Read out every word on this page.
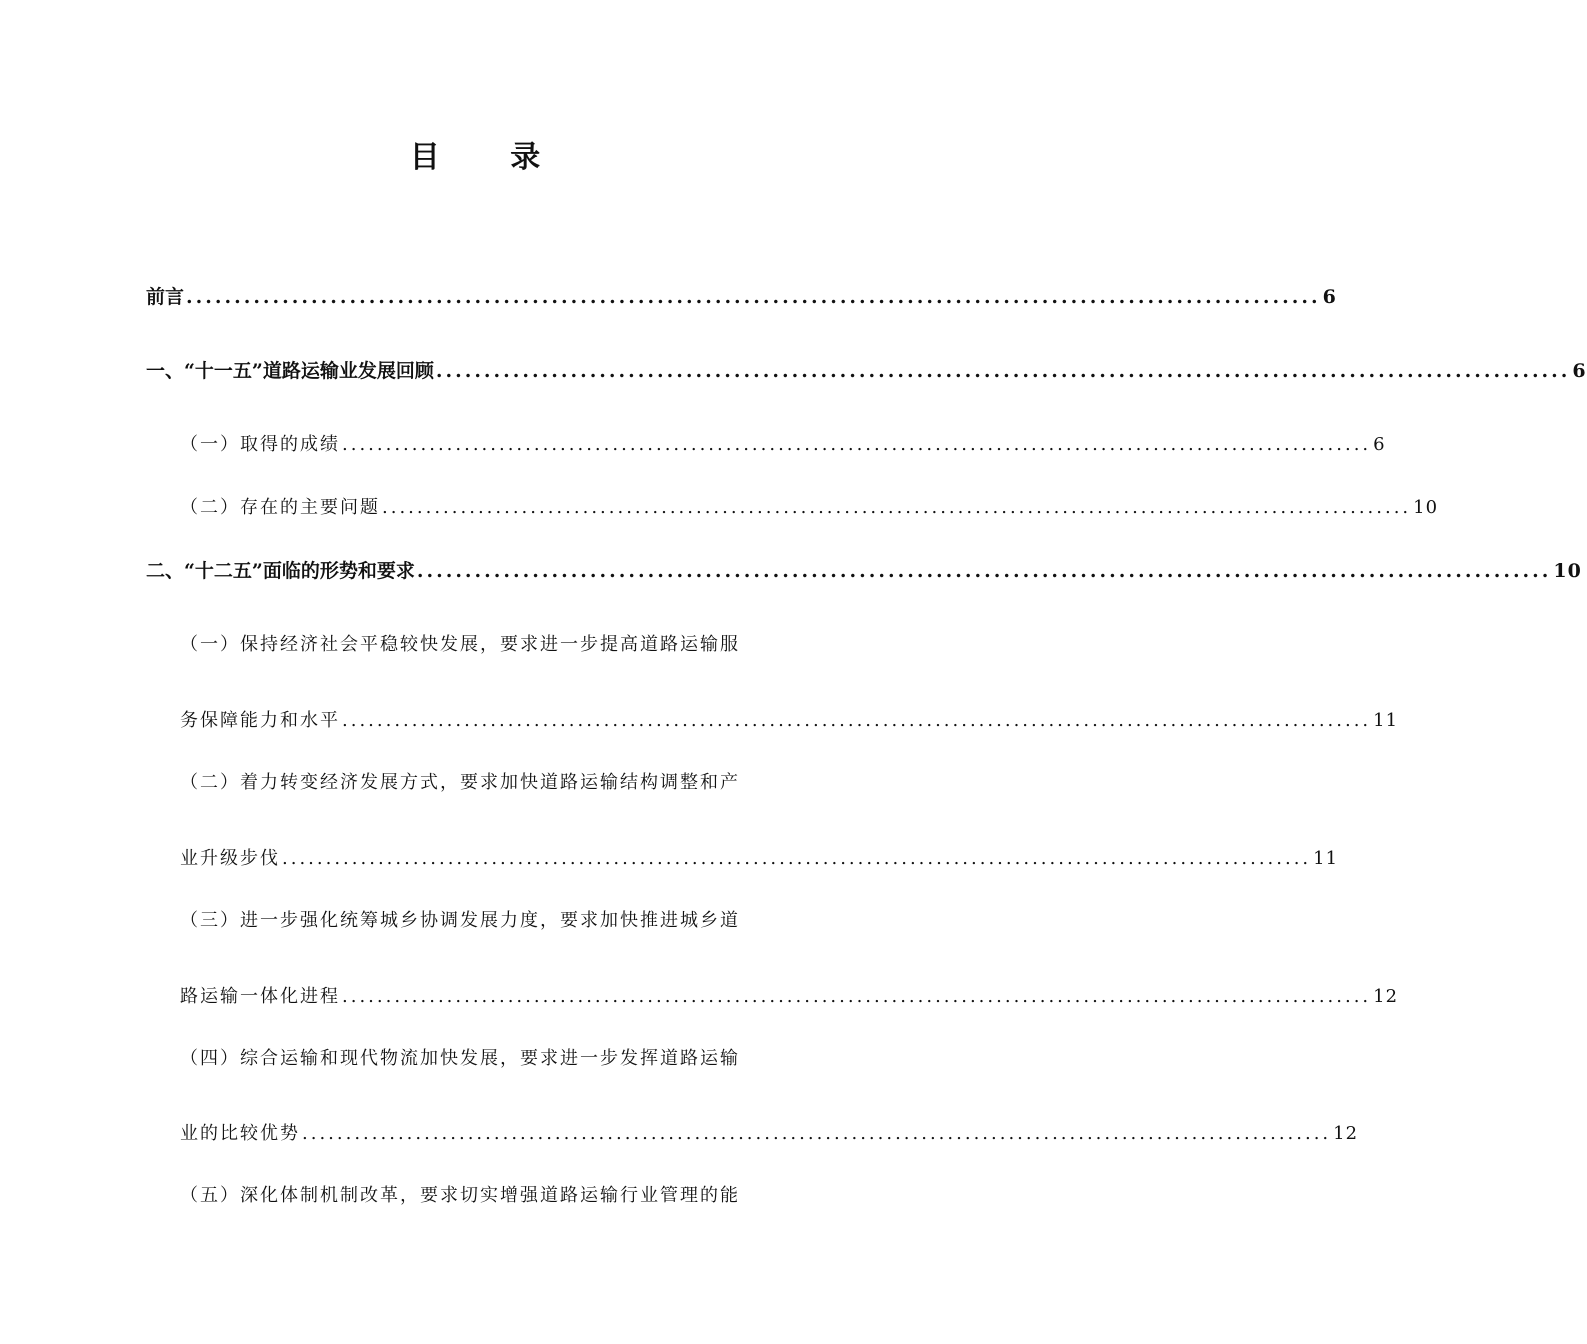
目 录
前言 ...................................................................................................................... 6
一、“十一五”道路运输业发展回顾 ...................................................................................................................... 6
（一）取得的成绩 ...................................................................................................................... 6
（二）存在的主要问题 ...................................................................................................................... 10
二、“十二五”面临的形势和要求 ...................................................................................................................... 10
（一）保持经济社会平稳较快发展，要求进一步提高道路运输服
务保障能力和水平 ...................................................................................................................... 11
（二）着力转变经济发展方式，要求加快道路运输结构调整和产
业升级步伐 ...................................................................................................................... 11
（三）进一步强化统筹城乡协调发展力度，要求加快推进城乡道
路运输一体化进程 ...................................................................................................................... 12
（四）综合运输和现代物流加快发展，要求进一步发挥道路运输
业的比较优势 ...................................................................................................................... 12
（五）深化体制机制改革，要求切实增强道路运输行业管理的能
